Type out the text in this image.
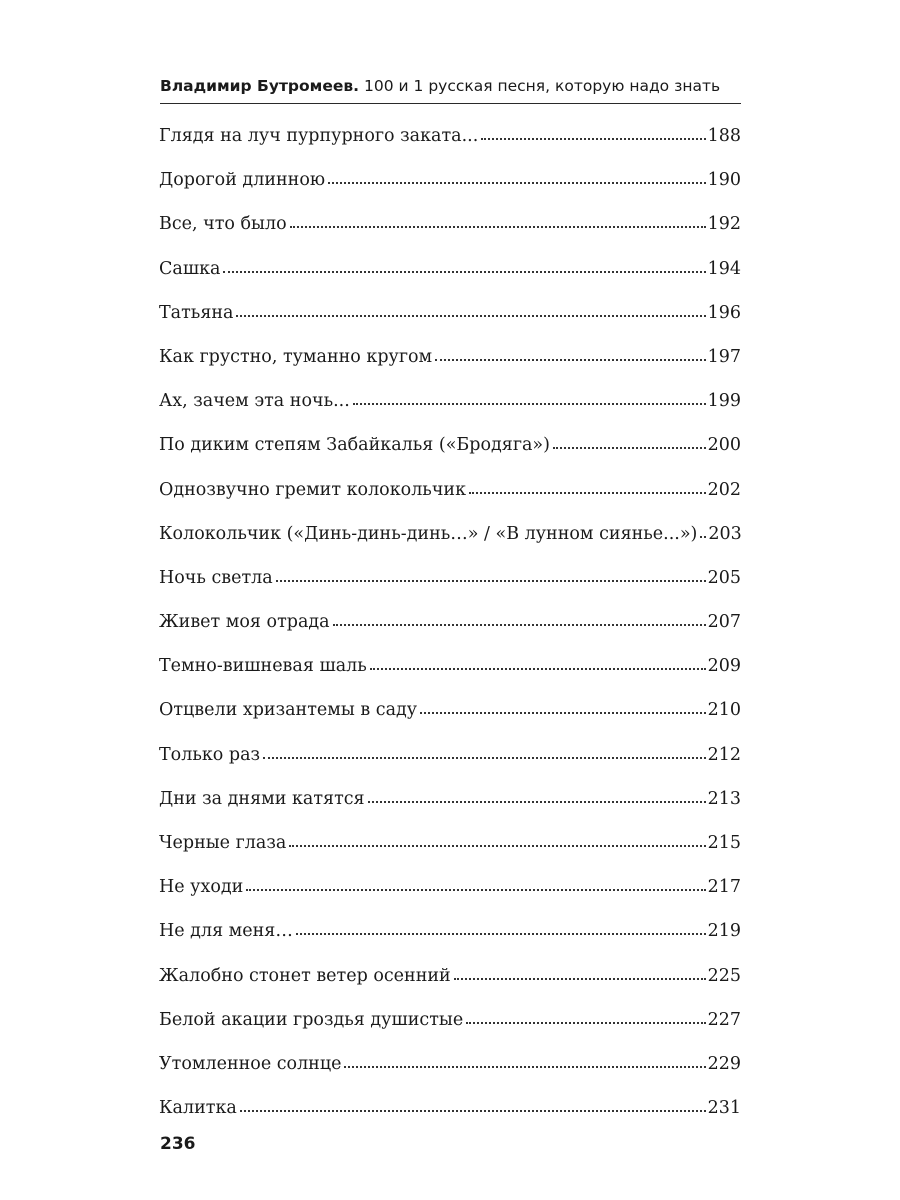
Владимир Бутромеев. 100 и 1 русская песня, которую надо знать
Глядя на луч пурпурного заката...	188
Дорогой длинною	190
Все, что было	192
Сашка	194
Татьяна	196
Как грустно, туманно кругом	197
Ах, зачем эта ночь...	199
По диким степям Забайкалья («Бродяга»)	200
Однозвучно гремит колокольчик	202
Колокольчик («Динь-динь-динь…» / «В лунном сиянье...») 203
Ночь светла	205
Живет моя отрада	207
Темно-вишневая шаль	209
Отцвели хризантемы в саду	210
Только раз	212
Дни за днями катятся	213
Черные глаза	215
Не уходи	217
Не для меня…	219
Жалобно стонет ветер осенний	225
Белой акации гроздья душистые	227
Утомленное солнце	229
Калитка	231
236
